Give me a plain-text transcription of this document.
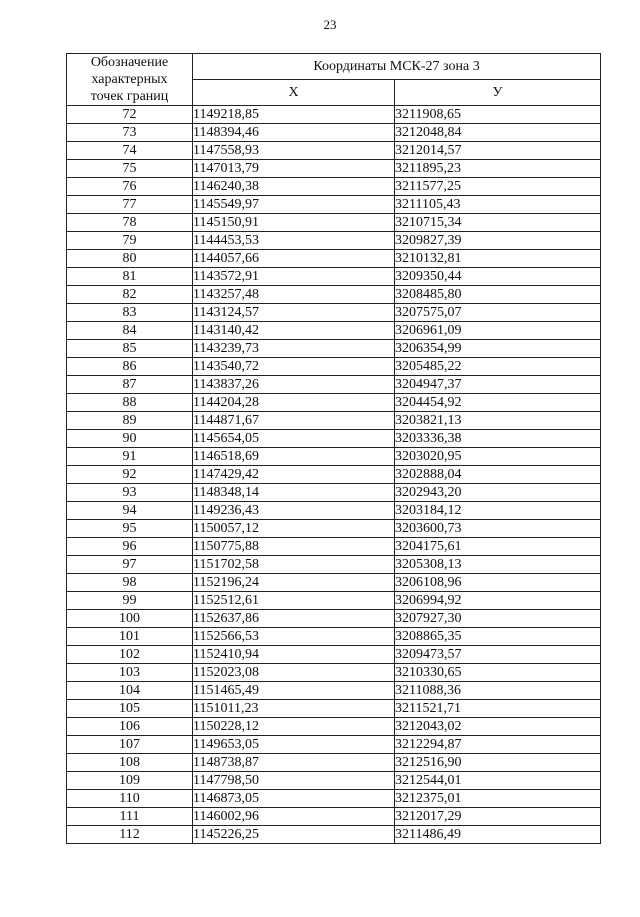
23
Обозначение
характерных
точек границ	Координаты МСК-27 зона 3	
	X	У
72	1149218,85	3211908,65
73	1148394,46	3212048,84
74	1147558,93	3212014,57
75	1147013,79	3211895,23
76	1146240,38	3211577,25
77	1145549,97	3211105,43
78	1145150,91	3210715,34
79	1144453,53	3209827,39
80	1144057,66	3210132,81
81	1143572,91	3209350,44
82	1143257,48	3208485,80
83	1143124,57	3207575,07
84	1143140,42	3206961,09
85	1143239,73	3206354,99
86	1143540,72	3205485,22
87	1143837,26	3204947,37
88	1144204,28	3204454,92
89	1144871,67	3203821,13
90	1145654,05	3203336,38
91	1146518,69	3203020,95
92	1147429,42	3202888,04
93	1148348,14	3202943,20
94	1149236,43	3203184,12
95	1150057,12	3203600,73
96	1150775,88	3204175,61
97	1151702,58	3205308,13
98	1152196,24	3206108,96
99	1152512,61	3206994,92
100	1152637,86	3207927,30
101	1152566,53	3208865,35
102	1152410,94	3209473,57
103	1152023,08	3210330,65
104	1151465,49	3211088,36
105	1151011,23	3211521,71
106	1150228,12	3212043,02
107	1149653,05	3212294,87
108	1148738,87	3212516,90
109	1147798,50	3212544,01
110	1146873,05	3212375,01
111	1146002,96	3212017,29
112	1145226,25	3211486,49
